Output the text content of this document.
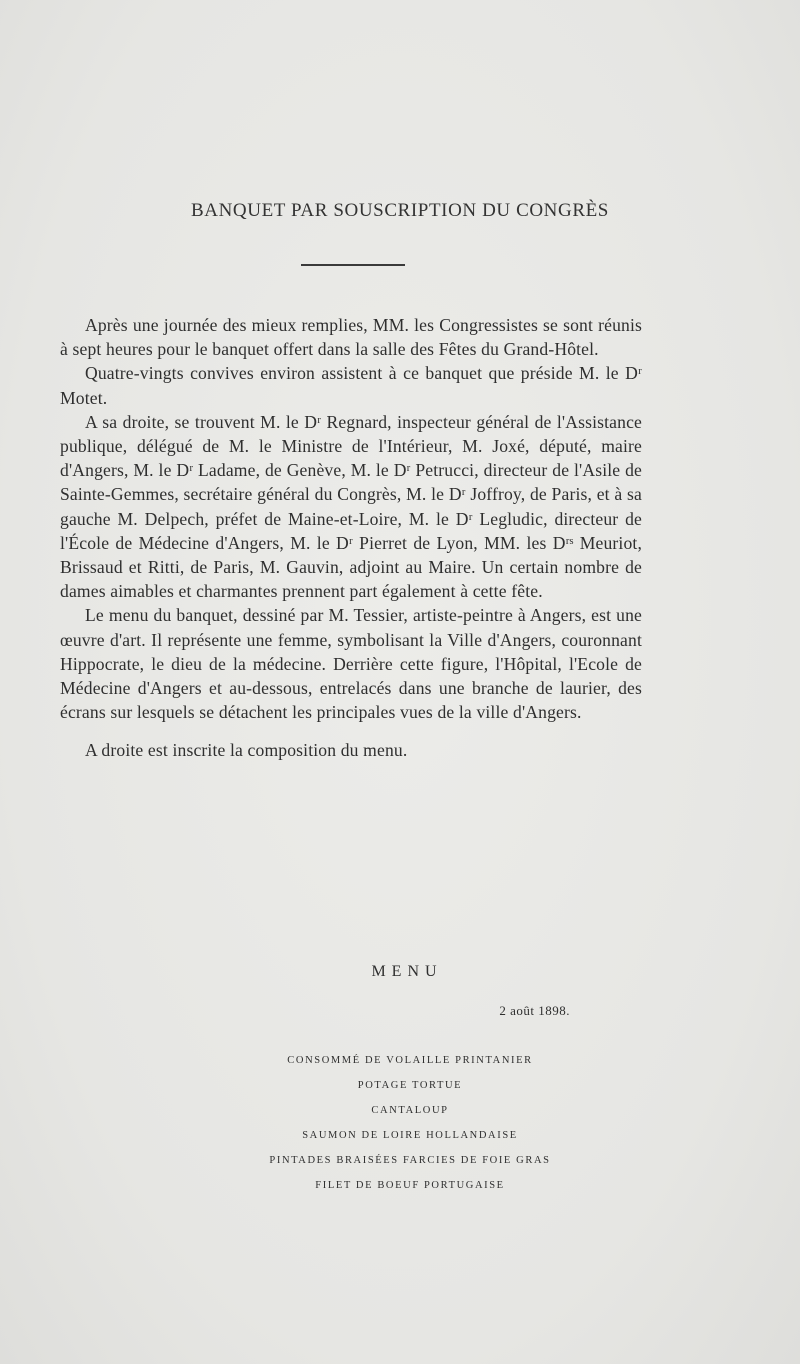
BANQUET PAR SOUSCRIPTION DU CONGRÈS

Après une journée des mieux remplies, MM. les Congressistes se sont réunis à sept heures pour le banquet offert dans la salle des Fêtes du Grand-Hôtel.

Quatre-vingts convives environ assistent à ce banquet que préside M. le Dʳ Motet.

A sa droite, se trouvent M. le Dʳ Regnard, inspecteur général de l'Assistance publique, délégué de M. le Ministre de l'Intérieur, M. Joxé, député, maire d'Angers, M. le Dʳ Ladame, de Genève, M. le Dʳ Petrucci, directeur de l'Asile de Sainte-Gemmes, secrétaire général du Congrès, M. le Dʳ Joffroy, de Paris, et à sa gauche M. Delpech, préfet de Maine-et-Loire, M. le Dʳ Legludic, directeur de l'École de Médecine d'Angers, M. le Dʳ Pierret de Lyon, MM. les Dʳˢ Meuriot, Brissaud et Ritti, de Paris, M. Gauvin, adjoint au Maire. Un certain nombre de dames aimables et charmantes prennent part également à cette fête.

Le menu du banquet, dessiné par M. Tessier, artiste-peintre à Angers, est une œuvre d'art. Il représente une femme, symbolisant la Ville d'Angers, couronnant Hippocrate, le dieu de la médecine. Derrière cette figure, l'Hôpital, l'Ecole de Médecine d'Angers et au-dessous, entrelacés dans une branche de laurier, des écrans sur lesquels se détachent les principales vues de la ville d'Angers.

A droite est inscrite la composition du menu.

MENU
2 août 1898.
CONSOMMÉ DE VOLAILLE PRINTANIER
POTAGE TORTUE
CANTALOUP
SAUMON DE LOIRE HOLLANDAISE
PINTADES BRAISÉES FARCIES DE FOIE GRAS
FILET DE BOEUF PORTUGAISE
